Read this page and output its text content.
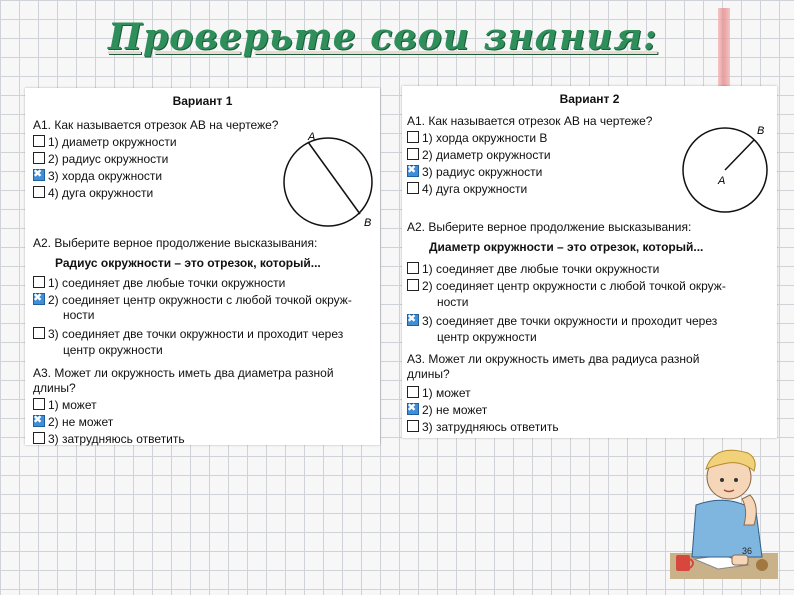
Проверьте свои знания:
Вариант 1
А1. Как называется отрезок АВ на чертеже?
1) диаметр окружности
2) радиус окружности
✖3) хорда окружности
4) дуга окружности
A
B
А2. Выберите верное продолжение высказывания:
Радиус окружности – это отрезок, который...
1) соединяет две любые точки окружности
✖2) соединяет центр окружности с любой точкой окруж-
ности
3) соединяет две точки окружности и проходит через
центр окружности
А3. Может ли окружность иметь два диаметра разной
длины?
1) может
✖2) не может
3) затрудняюсь ответить
Вариант 2
А1. Как называется отрезок АВ на чертеже?
1) хорда окружности В
2) диаметр окружности
✖3) радиус окружности
4) дуга окружности
B
A
А2. Выберите верное продолжение высказывания:
Диаметр окружности – это отрезок, который...
1) соединяет две любые точки окружности
2) соединяет центр окружности с любой точкой окруж-
ности
✖3) соединяет две точки окружности и проходит через
центр окружности
А3. Может ли окружность иметь два радиуса разной
длины?
1) может
✖2) не может
3) затрудняюсь ответить
36
